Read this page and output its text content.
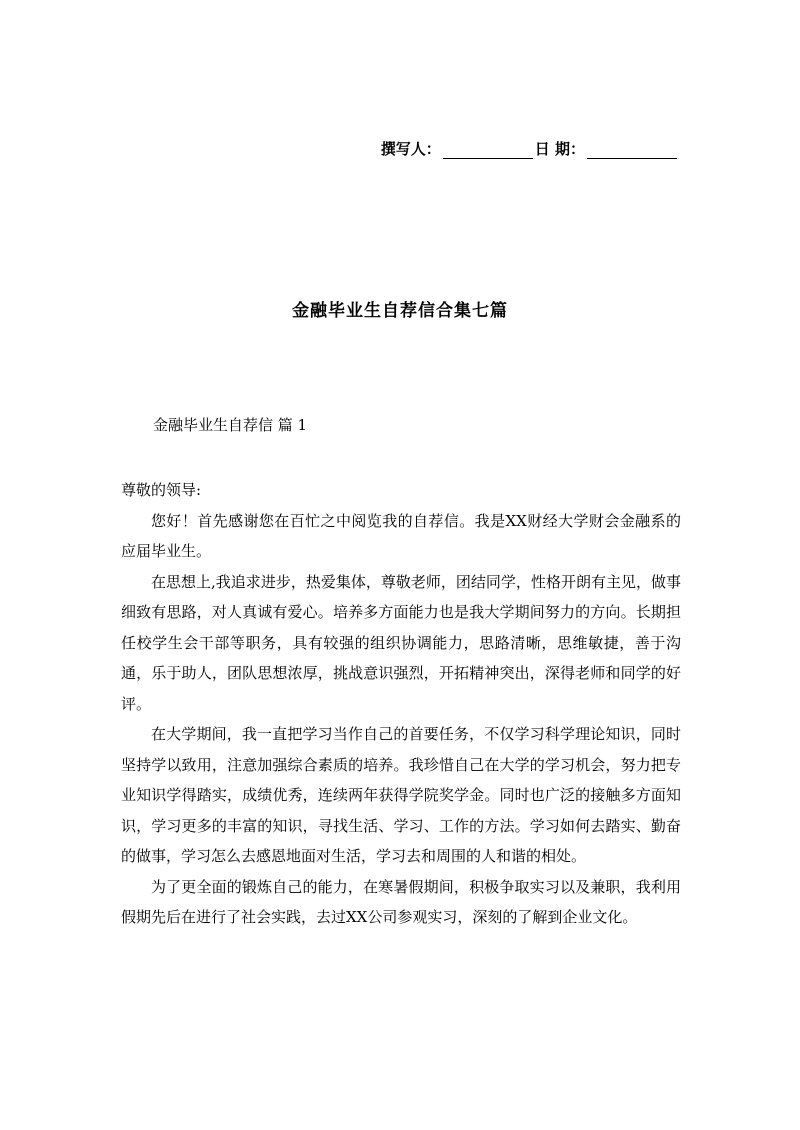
撰写人：	日 期：
金融毕业生自荐信合集七篇
金融毕业生自荐信 篇 1

尊敬的领导:

您好！首先感谢您在百忙之中阅览我的自荐信。我是XX财经大学财会金融系的应届毕业生。

在思想上,我追求进步，热爱集体，尊敬老师，团结同学，性格开朗有主见，做事细致有思路，对人真诚有爱心。培养多方面能力也是我大学期间努力的方向。长期担任校学生会干部等职务，具有较强的组织协调能力，思路清晰，思维敏捷，善于沟通，乐于助人，团队思想浓厚，挑战意识强烈，开拓精神突出，深得老师和同学的好评。

在大学期间，我一直把学习当作自己的首要任务，不仅学习科学理论知识，同时坚持学以致用，注意加强综合素质的培养。我珍惜自己在大学的学习机会，努力把专业知识学得踏实，成绩优秀，连续两年获得学院奖学金。同时也广泛的接触多方面知识，学习更多的丰富的知识，寻找生活、学习、工作的方法。学习如何去踏实、勤奋的做事，学习怎么去感恩地面对生活，学习去和周围的人和谐的相处。

为了更全面的锻炼自己的能力，在寒暑假期间，积极争取实习以及兼职，我利用假期先后在进行了社会实践，去过XX公司参观实习，深刻的了解到企业文化。
